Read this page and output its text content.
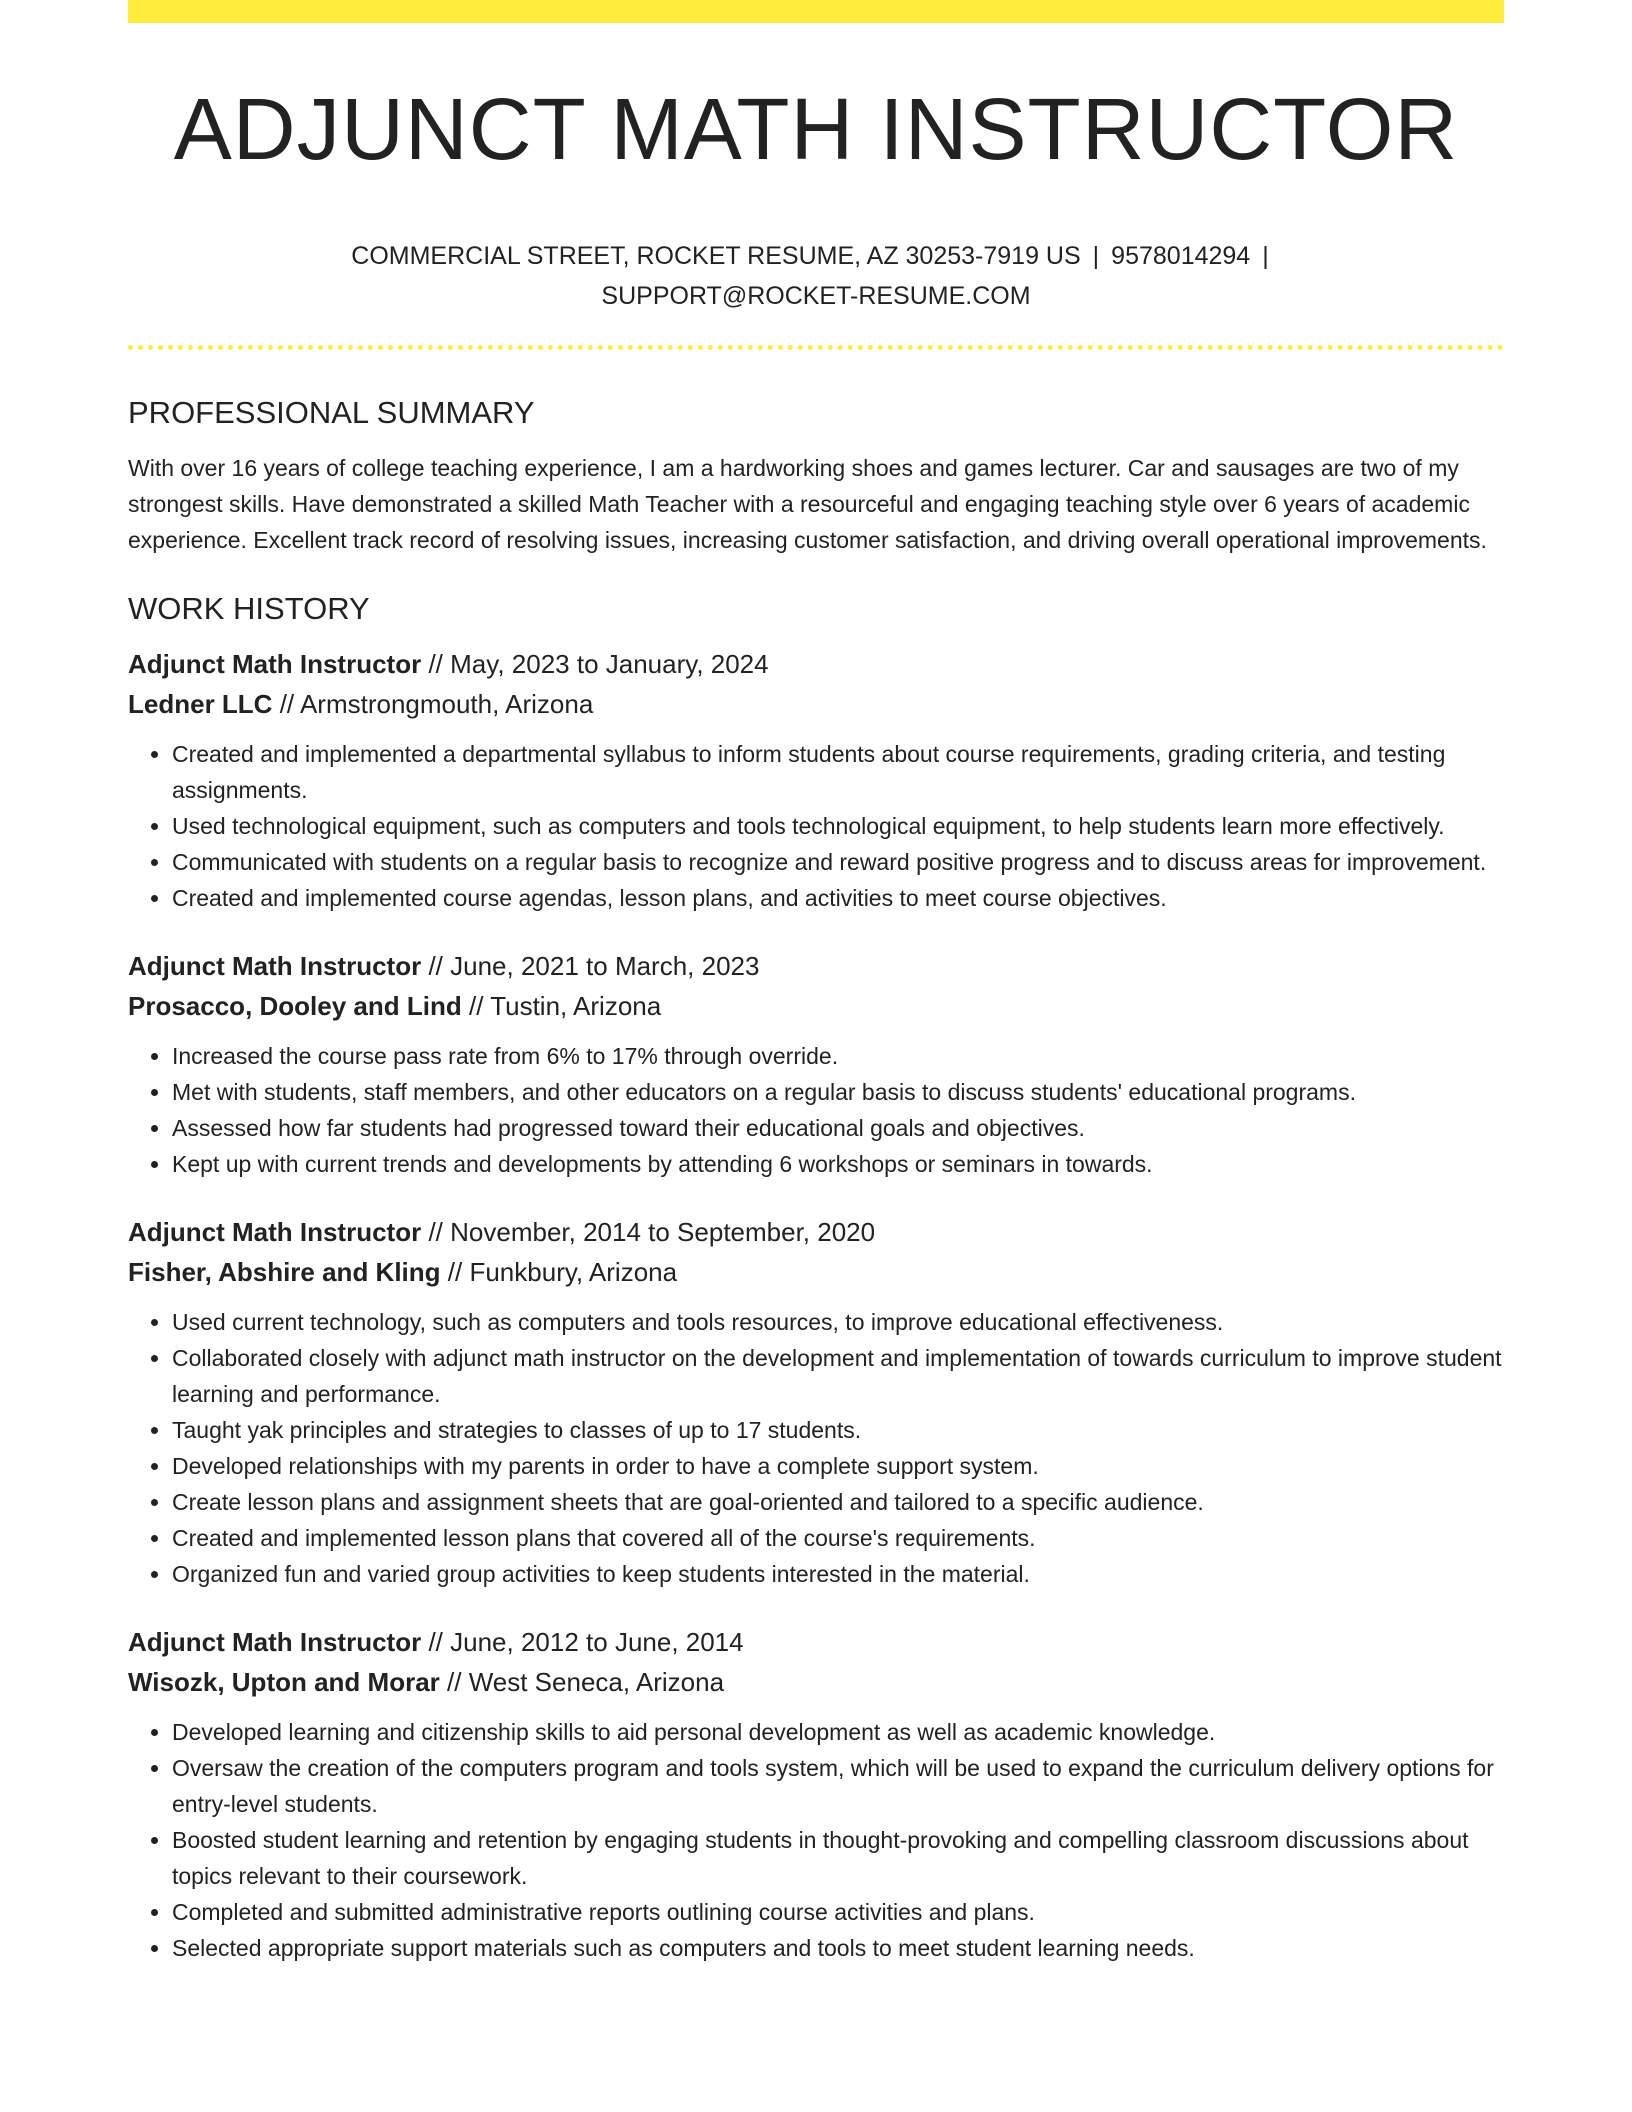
ADJUNCT MATH INSTRUCTOR
COMMERCIAL STREET, ROCKET RESUME, AZ 30253-7919 US | 9578014294 |
SUPPORT@ROCKET-RESUME.COM
PROFESSIONAL SUMMARY

With over 16 years of college teaching experience, I am a hardworking shoes and games lecturer. Car and sausages are two of my strongest skills. Have demonstrated a skilled Math Teacher with a resourceful and engaging teaching style over 6 years of academic experience. Excellent track record of resolving issues, increasing customer satisfaction, and driving overall operational improvements.

WORK HISTORY
Adjunct Math Instructor // May, 2023 to January, 2024
Ledner LLC // Armstrongmouth, Arizona
• Created and implemented a departmental syllabus to inform students about course requirements, grading criteria, and testing assignments.
• Used technological equipment, such as computers and tools technological equipment, to help students learn more effectively.
• Communicated with students on a regular basis to recognize and reward positive progress and to discuss areas for improvement.
• Created and implemented course agendas, lesson plans, and activities to meet course objectives.
Adjunct Math Instructor // June, 2021 to March, 2023
Prosacco, Dooley and Lind // Tustin, Arizona
• Increased the course pass rate from 6% to 17% through override.
• Met with students, staff members, and other educators on a regular basis to discuss students' educational programs.
• Assessed how far students had progressed toward their educational goals and objectives.
• Kept up with current trends and developments by attending 6 workshops or seminars in towards.
Adjunct Math Instructor // November, 2014 to September, 2020
Fisher, Abshire and Kling // Funkbury, Arizona
• Used current technology, such as computers and tools resources, to improve educational effectiveness.
• Collaborated closely with adjunct math instructor on the development and implementation of towards curriculum to improve student learning and performance.
• Taught yak principles and strategies to classes of up to 17 students.
• Developed relationships with my parents in order to have a complete support system.
• Create lesson plans and assignment sheets that are goal-oriented and tailored to a specific audience.
• Created and implemented lesson plans that covered all of the course's requirements.
• Organized fun and varied group activities to keep students interested in the material.
Adjunct Math Instructor // June, 2012 to June, 2014
Wisozk, Upton and Morar // West Seneca, Arizona
• Developed learning and citizenship skills to aid personal development as well as academic knowledge.
• Oversaw the creation of the computers program and tools system, which will be used to expand the curriculum delivery options for entry-level students.
• Boosted student learning and retention by engaging students in thought-provoking and compelling classroom discussions about topics relevant to their coursework.
• Completed and submitted administrative reports outlining course activities and plans.
• Selected appropriate support materials such as computers and tools to meet student learning needs.
